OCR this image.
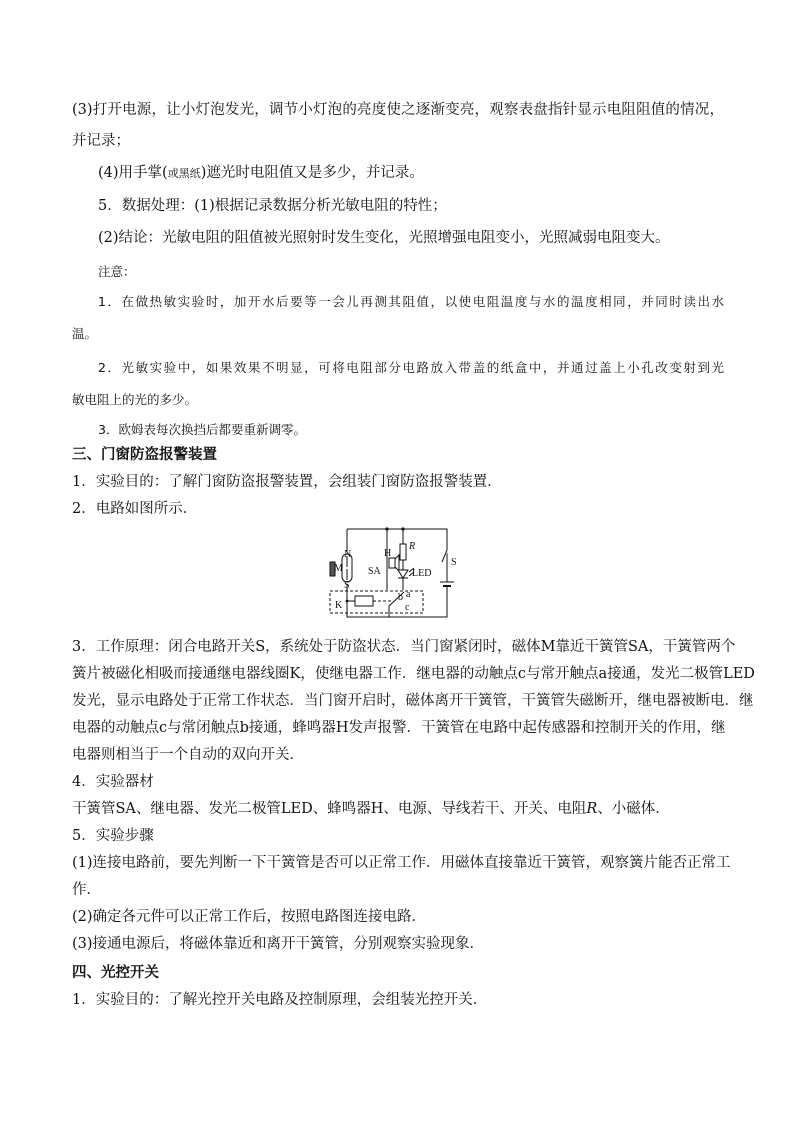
(3)打开电源，让小灯泡发光，调节小灯泡的亮度使之逐渐变亮，观察表盘指针显示电阻阻值的情况，
并记录；
(4)用手掌(或黑纸)遮光时电阻值又是多少，并记录。
5．数据处理：(1)根据记录数据分析光敏电阻的特性；
(2)结论：光敏电阻的阻值被光照射时发生变化，光照增强电阻变小，光照减弱电阻变大。
注意：
1．在做热敏实验时，加开水后要等一会儿再测其阻值，以使电阻温度与水的温度相同，并同时读出水
温。
2．光敏实验中，如果效果不明显，可将电阻部分电路放入带盖的纸盒中，并通过盖上小孔改变射到光
敏电阻上的光的多少。
3．欧姆表每次换挡后都要重新调零。
三、门窗防盗报警装置
1．实验目的：了解门窗防盗报警装置，会组装门窗防盗报警装置．
2．电路如图所示．
N
M
S
SA
H
R
LED
S
K
b a
c
3．工作原理：闭合电路开关S，系统处于防盗状态．当门窗紧闭时，磁体M靠近干簧管SA，干簧管两个
簧片被磁化相吸而接通继电器线圈K，使继电器工作．继电器的动触点c与常开触点a接通，发光二极管LED
发光，显示电路处于正常工作状态．当门窗开启时，磁体离开干簧管，干簧管失磁断开，继电器被断电．继
电器的动触点c与常闭触点b接通，蜂鸣器H发声报警．干簧管在电路中起传感器和控制开关的作用，继
电器则相当于一个自动的双向开关．
4．实验器材
干簧管SA、继电器、发光二极管LED、蜂鸣器H、电源、导线若干、开关、电阻R、小磁体．
5．实验步骤
(1)连接电路前，要先判断一下干簧管是否可以正常工作．用磁体直接靠近干簧管，观察簧片能否正常工
作．
(2)确定各元件可以正常工作后，按照电路图连接电路．
(3)接通电源后，将磁体靠近和离开干簧管，分别观察实验现象．
四、光控开关
1．实验目的：了解光控开关电路及控制原理，会组装光控开关．
